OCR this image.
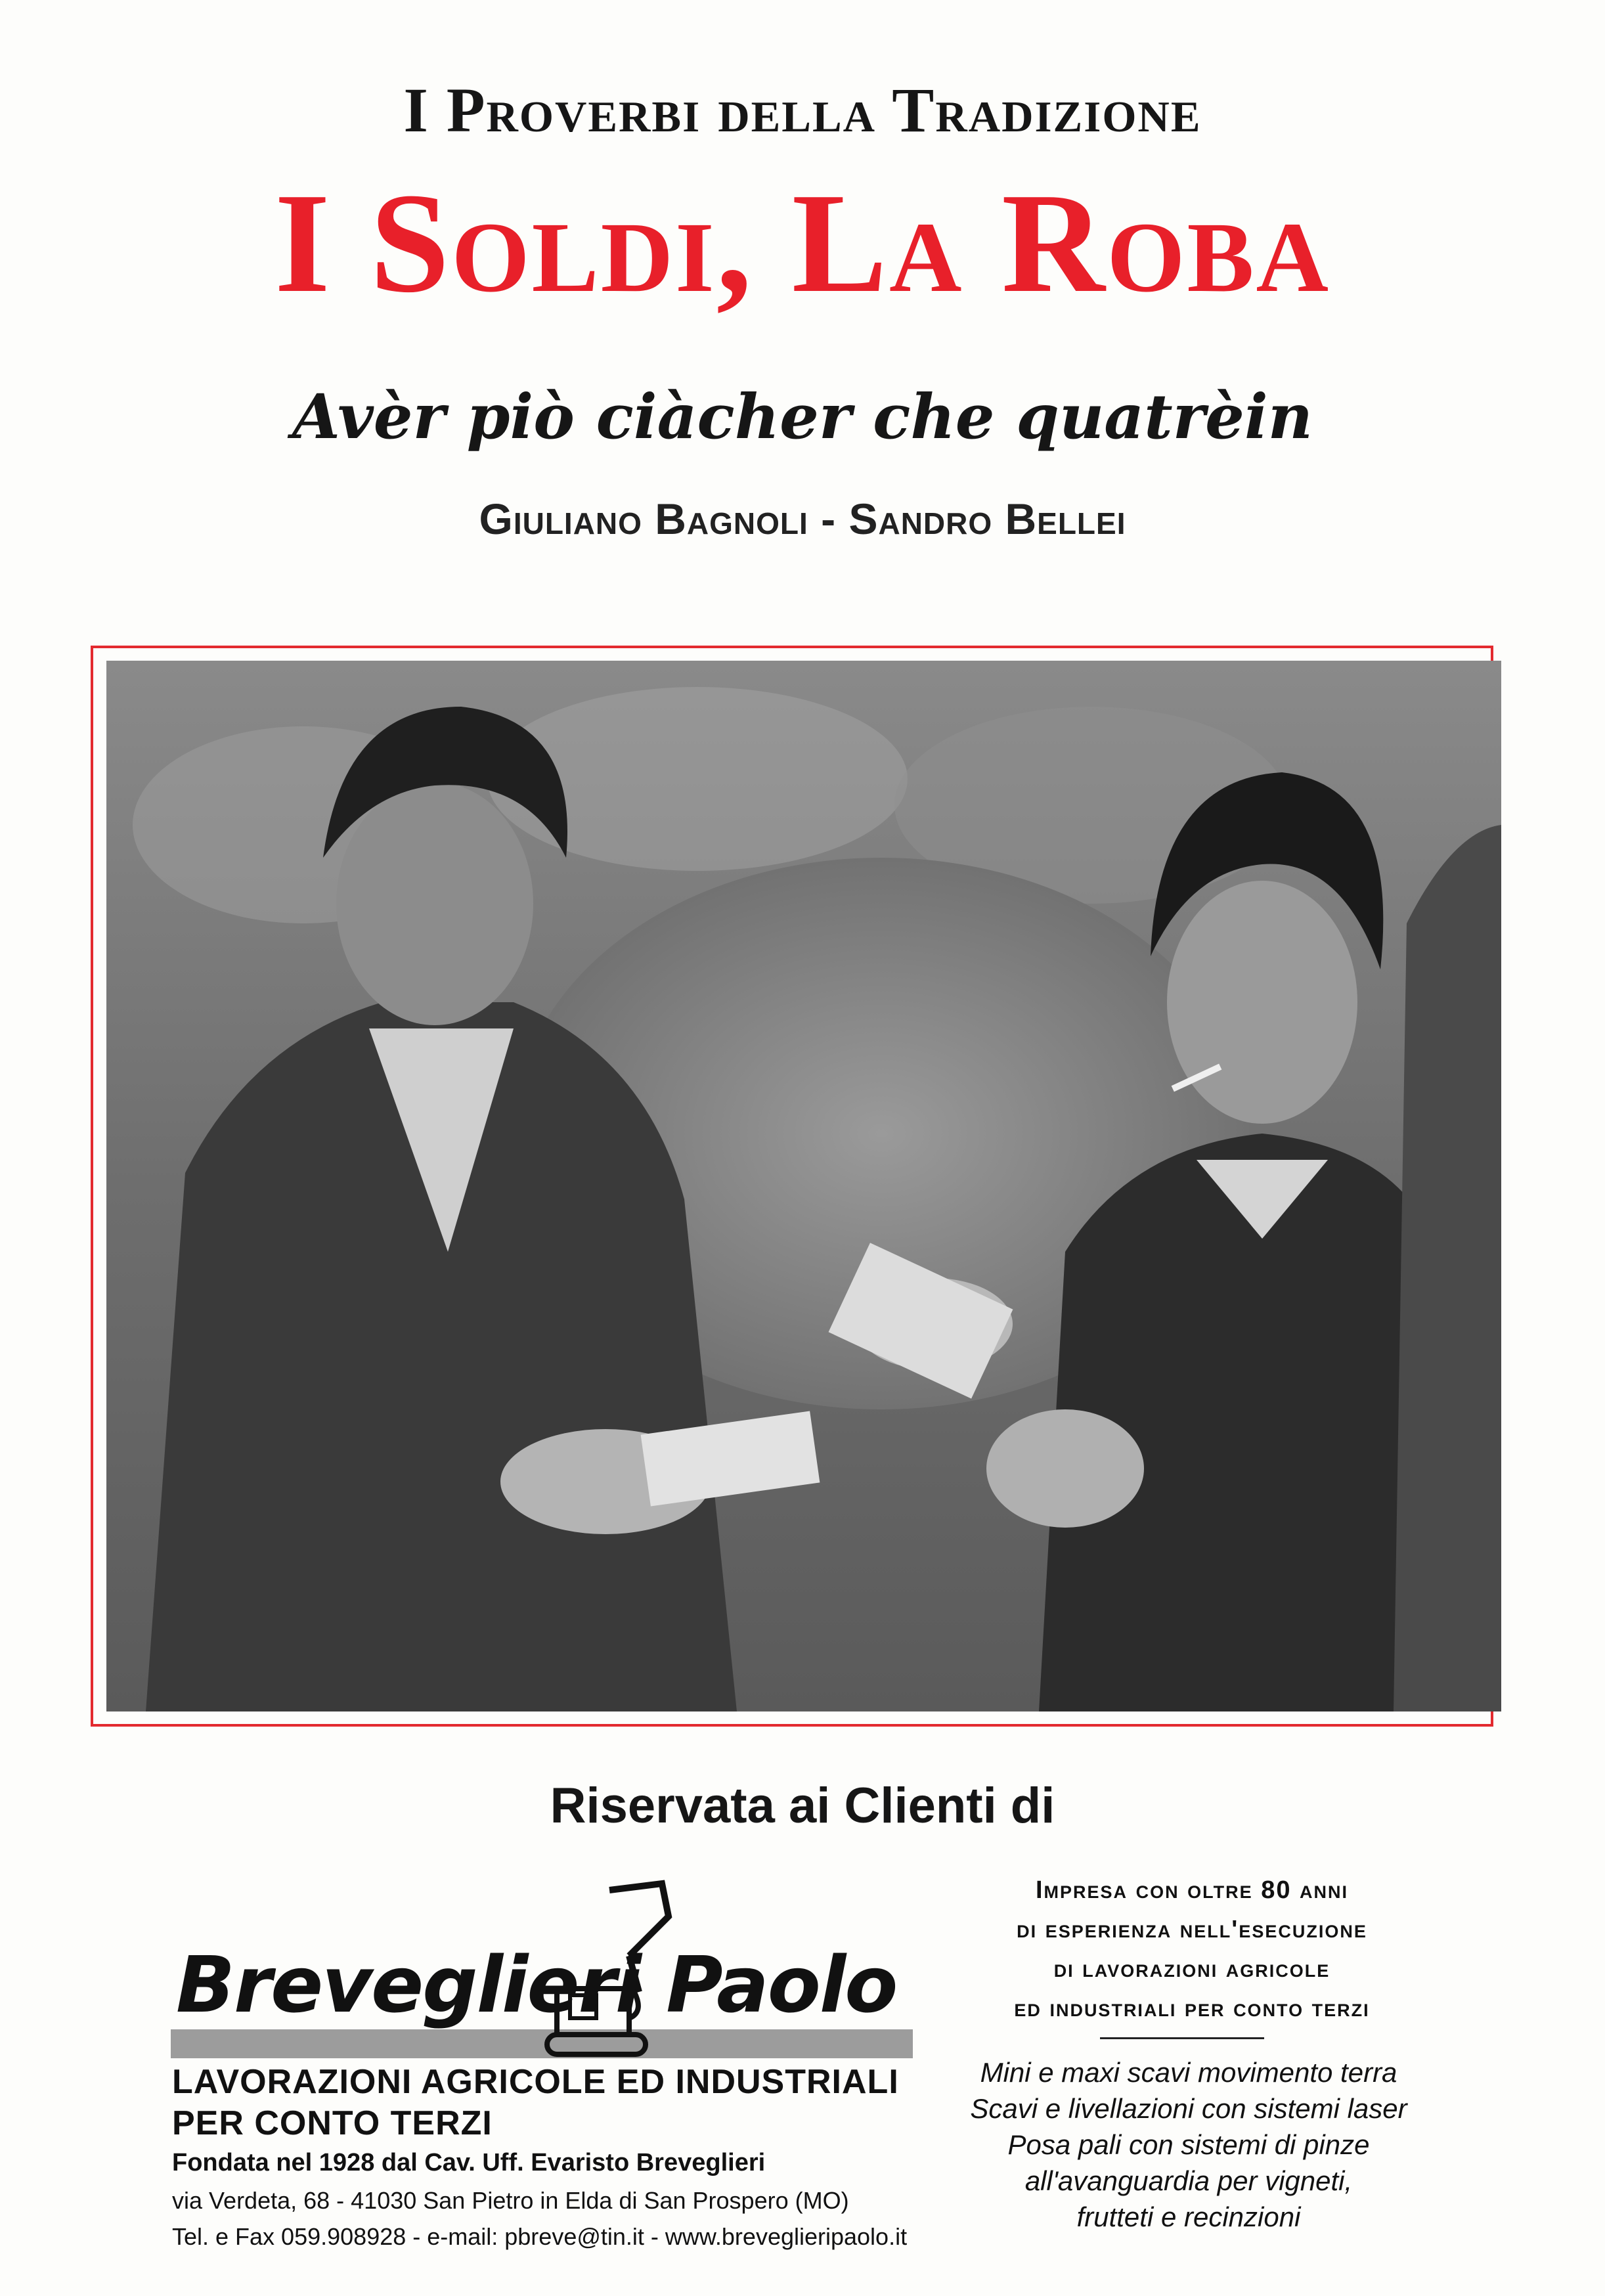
I Proverbi della Tradizione
I Soldi, La Roba
Avèr piò ciàcher che quatrèin
Giuliano Bagnoli - Sandro Bellei
Riservata ai Clienti di
Breveglieri Paolo
LAVORAZIONI AGRICOLE ED INDUSTRIALI
PER CONTO TERZI
Fondata nel 1928 dal Cav. Uff. Evaristo Breveglieri
via Verdeta, 68 - 41030 San Pietro in Elda di San Prospero (MO)
Tel. e Fax 059.908928 - e-mail: pbreve@tin.it - www.breveglieripaolo.it
Impresa con oltre 80 anni
di esperienza nell'esecuzione
di lavorazioni agricole
ed industriali per conto terzi
Mini e maxi scavi movimento terra
Scavi e livellazioni con sistemi laser
Posa pali con sistemi di pinze
all'avanguardia per vigneti,
frutteti e recinzioni
